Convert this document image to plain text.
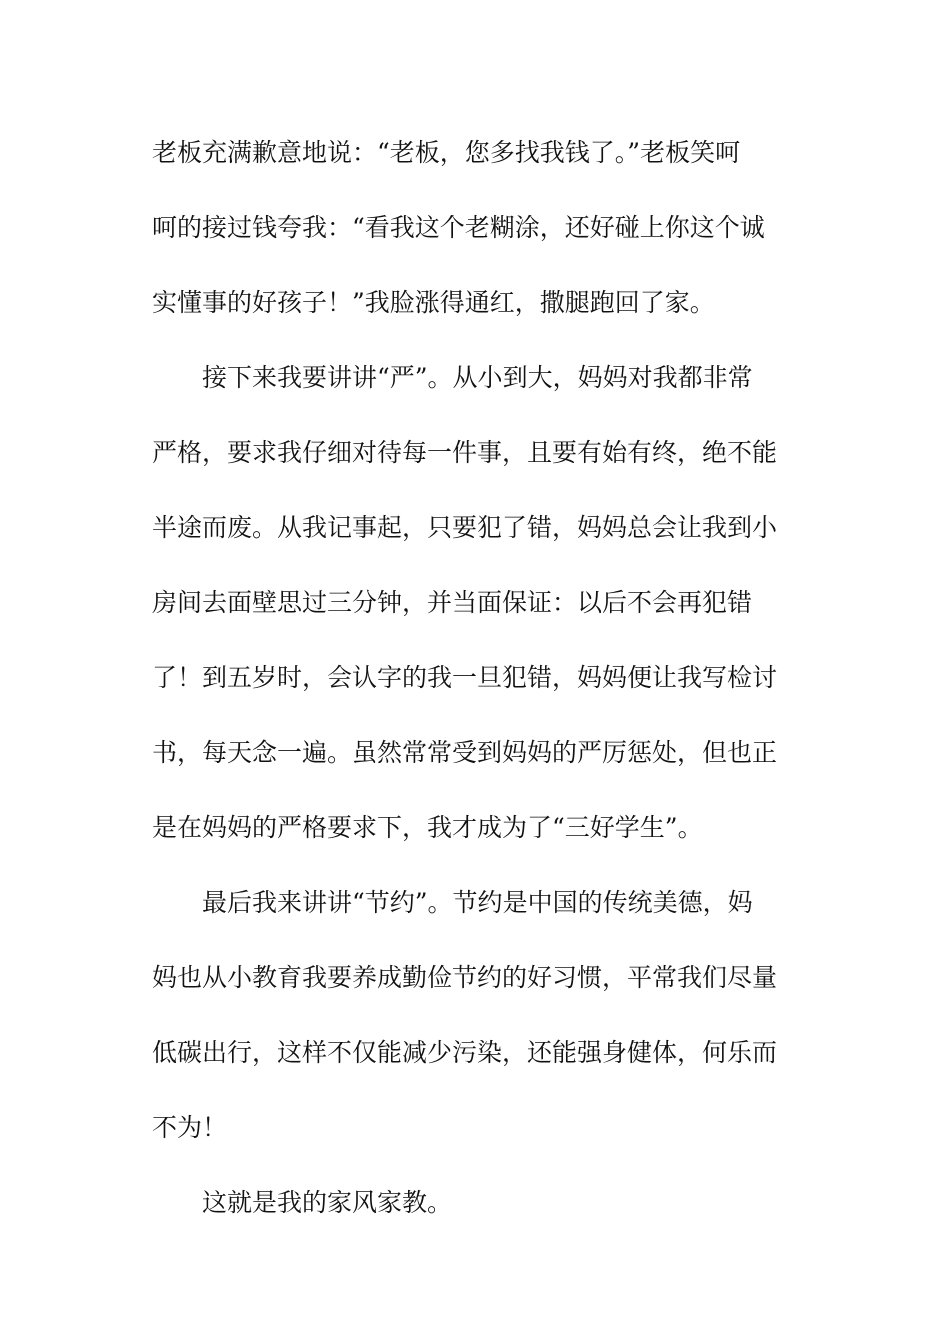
老板充满歉意地说：“老板，您多找我钱了。”老板笑呵
呵的接过钱夸我：“看我这个老糊涂，还好碰上你这个诚
实懂事的好孩子！”我脸涨得通红，撒腿跑回了家。
接下来我要讲讲“严”。从小到大，妈妈对我都非常
严格，要求我仔细对待每一件事，且要有始有终，绝不能
半途而废。从我记事起，只要犯了错，妈妈总会让我到小
房间去面壁思过三分钟，并当面保证：以后不会再犯错
了！到五岁时，会认字的我一旦犯错，妈妈便让我写检讨
书，每天念一遍。虽然常常受到妈妈的严厉惩处，但也正
是在妈妈的严格要求下，我才成为了“三好学生”。
最后我来讲讲“节约”。节约是中国的传统美德，妈
妈也从小教育我要养成勤俭节约的好习惯，平常我们尽量
低碳出行，这样不仅能减少污染，还能强身健体，何乐而
不为！
这就是我的家风家教。
